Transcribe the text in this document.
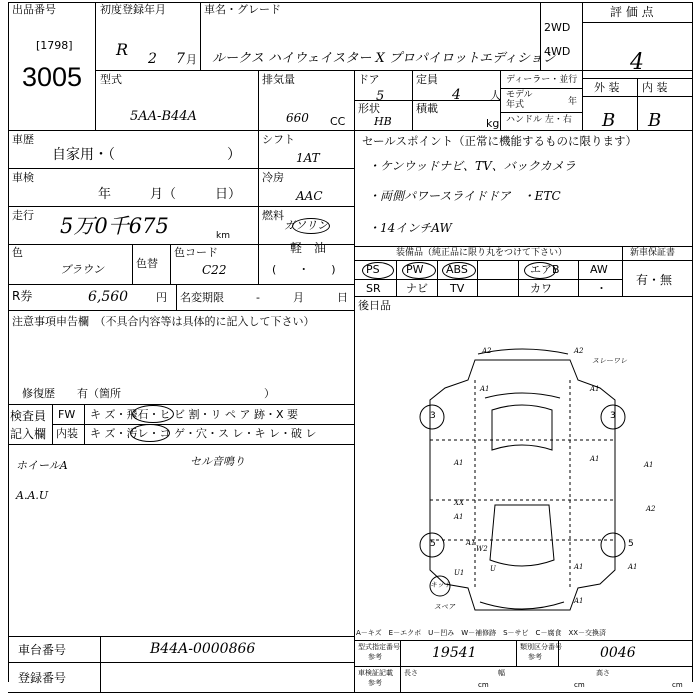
出品番号
[1798]
3005
初度登録年月
R 2 7 月
車名・グレード
ルークス ハイウェイスター X プロパイロットエディション
2WD
4WD
評 価 点
4
外 装 内 装
B B
型式
5AA-B44A
排気量
660 CC
ドア
5
定員
4	人
形状
HB
積載
kg
ディーラー・並行
モデル
年式	年
ハンドル 左・右
車歴
自家用・（　　　　　　　　）
車検
年　　　月（　　　日）
走行 5万0千675	km
色
ブラウン	色替
色コード
C22
シフト
1AT
冷房
AAC
燃料
ガソリン
軽　油
(　　・　　)
セールスポイント（正常に機能するものに限ります）
・ケンウッドナビ、TV、バックカメラ
・両側パワースライドドア　・ETC
・14インチAW
装備品（純正品に限り丸をつけて下さい）	新車保証書
PS PW ABS	エアB	AW
SR ナビ TV	カワ	・
有・無
後日品
R券	6,560	円 名変期限	-　　　月　　　日
注意事項申告欄　（不具合内容等は具体的に記入して下さい）
修復歴　　有（箇所　　　　　　　　　　　　　）
検査員
記入欄
FW キ ズ・飛石・ヒ ビ 割・リ ペ ア 跡・X 要
内装 キ ズ・汚レ・コ ゲ・穴・ス レ・キ レ・破 レ
ホイールA	セル音鳴り
A.A.U
3	3
5	5
A2	A2
スレーワレ
A1	A1
A1	A1
A1
A1
A2
XX
A1
U1
W2
U	A1	A1
A1
キット
スペア
A－キズ　E－エクボ　U－凹み　W－補修跡　S－サビ　C－腐食　XX－交換済
車台番号	B44A-0000866
登録番号
型式指定番号
参考	19541	類別区分番号
参考	0046
車検証記載
参考
長さ
cm
幅
cm
高さ
cm
